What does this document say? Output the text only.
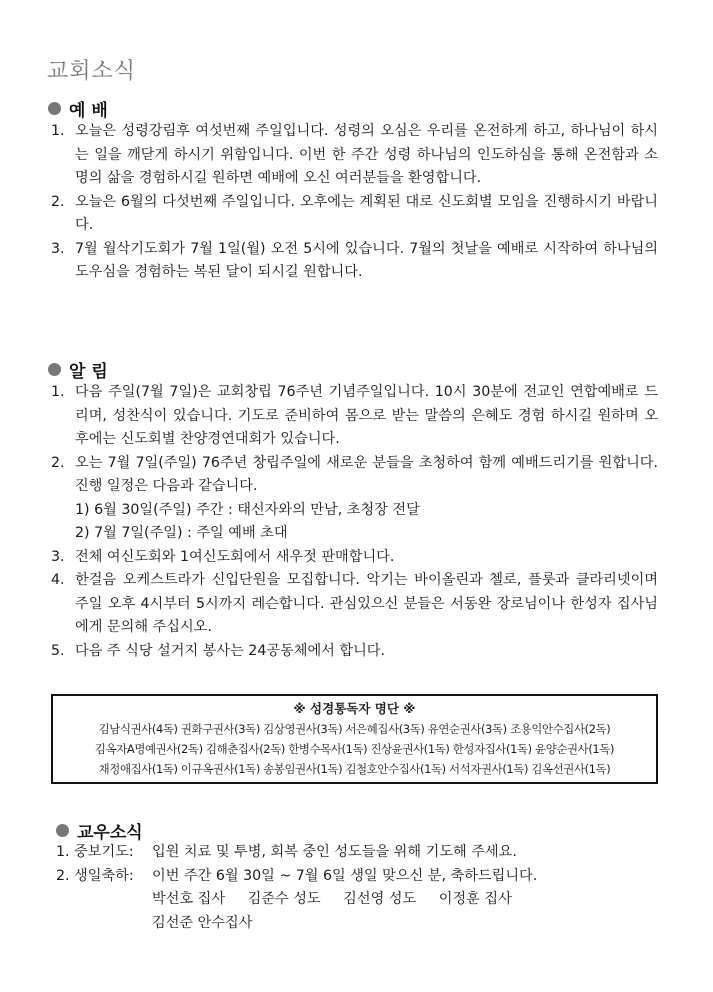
교회소식
예 배
1. 오늘은 성령강림후 여섯번째 주일입니다. 성령의 오심은 우리를 온전하게 하고, 하나님이 하시는 일을 깨닫게 하시기 위함입니다. 이번 한 주간 성령 하나님의 인도하심을 통해 온전함과 소명의 삶을 경험하시길 원하면 예배에 오신 여러분들을 환영합니다.
2. 오늘은 6월의 다섯번째 주일입니다. 오후에는 계획된 대로 신도회별 모임을 진행하시기 바랍니다.
3. 7월 월삭기도회가 7월 1일(월) 오전 5시에 있습니다. 7월의 첫날을 예배로 시작하여 하나님의 도우심을 경험하는 복된 달이 되시길 원합니다.
알 림
1. 다음 주일(7월 7일)은 교회창립 76주년 기념주일입니다. 10시 30분에 전교인 연합예배로 드리며, 성찬식이 있습니다. 기도로 준비하여 몸으로 받는 말씀의 은혜도 경험 하시길 원하며 오후에는 신도회별 찬양경연대회가 있습니다.
2. 오는 7월 7일(주일) 76주년 창립주일에 새로운 분들을 초청하여 함께 예배드리기를 원합니다. 진행 일정은 다음과 같습니다.
1) 6월 30일(주일) 주간 : 태신자와의 만남, 초청장 전달
2) 7월 7일(주일) : 주일 예배 초대
3. 전체 여신도회와 1여신도회에서 새우젓 판매합니다.
4. 한걸음 오케스트라가 신입단원을 모집합니다. 악기는 바이올린과 첼로, 플룻과 클라리넷이며 주일 오후 4시부터 5시까지 레슨합니다. 관심있으신 분들은 서동완 장로님이나 한성자 집사님에게 문의해 주십시오.
5. 다음 주 식당 설거지 봉사는 24공동체에서 합니다.
※ 성경통독자 명단 ※
김남식권사(4독) 권화구권사(3독) 김상영권사(3독) 서은혜집사(3독) 유연순권사(3독) 조용익안수집사(2독)
김옥자A명예권사(2독) 김해춘집사(2독) 한병수목사(1독) 진상윤권사(1독) 한성자집사(1독) 윤양순권사(1독)
채정애집사(1독) 이규옥권사(1독) 송봉임권사(1독) 김철호안수집사(1독) 서석자권사(1독) 김옥선권사(1독)
교우소식
1. 중보기도:	입원 치료 및 투병, 회복 중인 성도들을 위해 기도해 주세요.
2. 생일축하:	이번 주간 6월 30일 ~ 7월 6일 생일 맞으신 분, 축하드립니다.
박선호 집사     김준수 성도     김선영 성도     이정훈 집사
김선준 안수집사
